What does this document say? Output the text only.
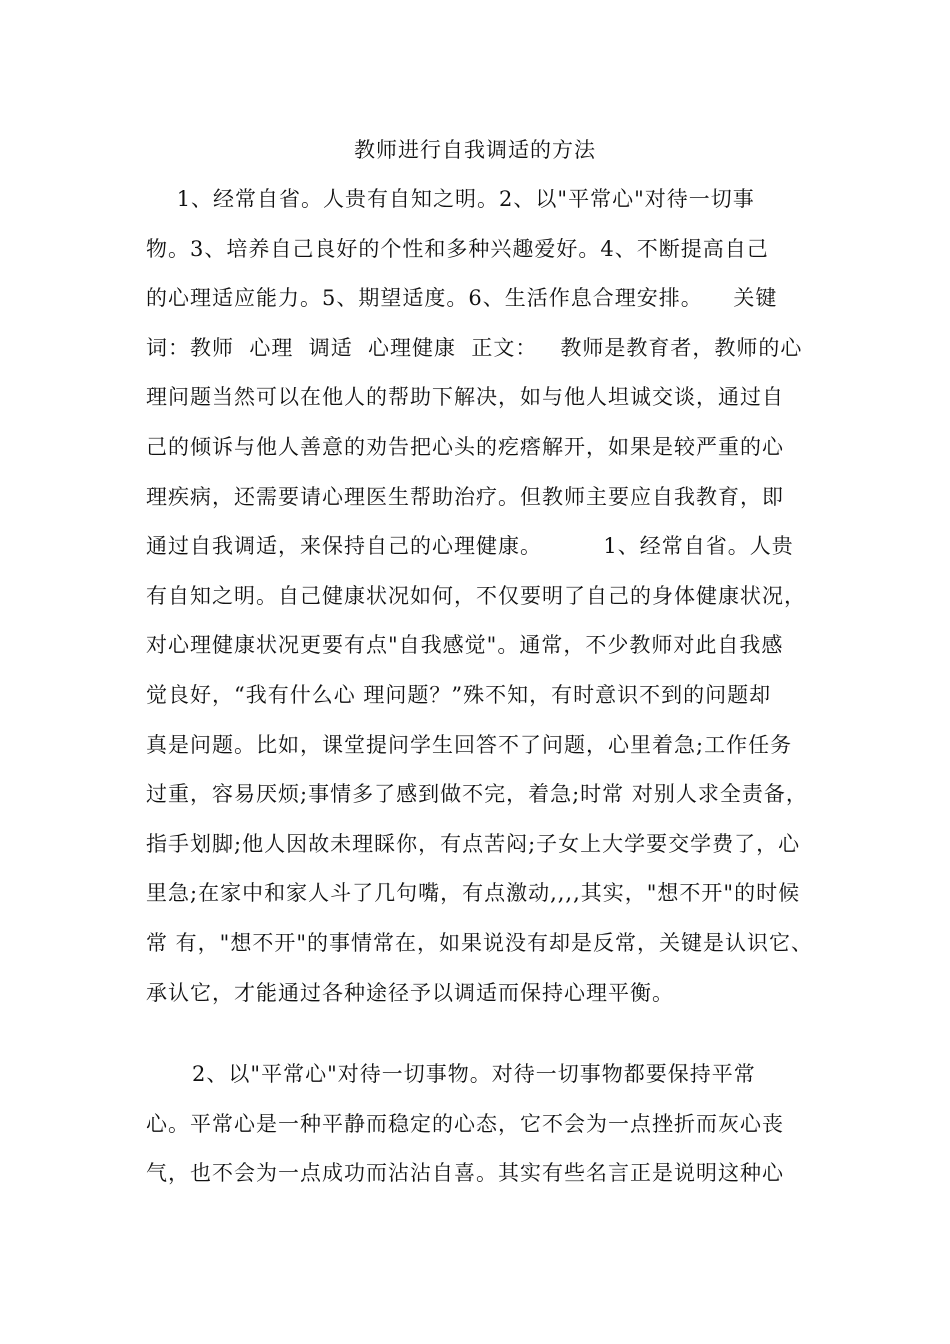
教师进行自我调适的方法
1、经常自省。人贵有自知之明。2、以"平常心"对待一切事
物。3、培养自己良好的个性和多种兴趣爱好。4、不断提高自己
的心理适应能力。5、期望适度。6、生活作息合理安排。    关键
词：教师  心理  调适  心理健康  正文：   教师是教育者，教师的心
理问题当然可以在他人的帮助下解决，如与他人坦诚交谈，通过自
己的倾诉与他人善意的劝告把心头的疙瘩解开，如果是较严重的心
理疾病，还需要请心理医生帮助治疗。但教师主要应自我教育，即
通过自我调适，来保持自己的心理健康。        1、经常自省。人贵
有自知之明。自己健康状况如何，不仅要明了自己的身体健康状况，
对心理健康状况更要有点"自我感觉"。通常，不少教师对此自我感
觉良好，“我有什么心 理问题？”殊不知，有时意识不到的问题却
真是问题。比如，课堂提问学生回答不了问题，心里着急;工作任务
过重，容易厌烦;事情多了感到做不完，着急;时常 对别人求全责备，
指手划脚;他人因故未理睬你，有点苦闷;子女上大学要交学费了，心
里急;在家中和家人斗了几句嘴，有点激动,,,,其实，"想不开"的时候
常 有，"想不开"的事情常在，如果说没有却是反常，关键是认识它、
承认它，才能通过各种途径予以调适而保持心理平衡。
2、以"平常心"对待一切事物。对待一切事物都要保持平常
心。平常心是一种平静而稳定的心态，它不会为一点挫折而灰心丧
气，也不会为一点成功而沾沾自喜。其实有些名言正是说明这种心
